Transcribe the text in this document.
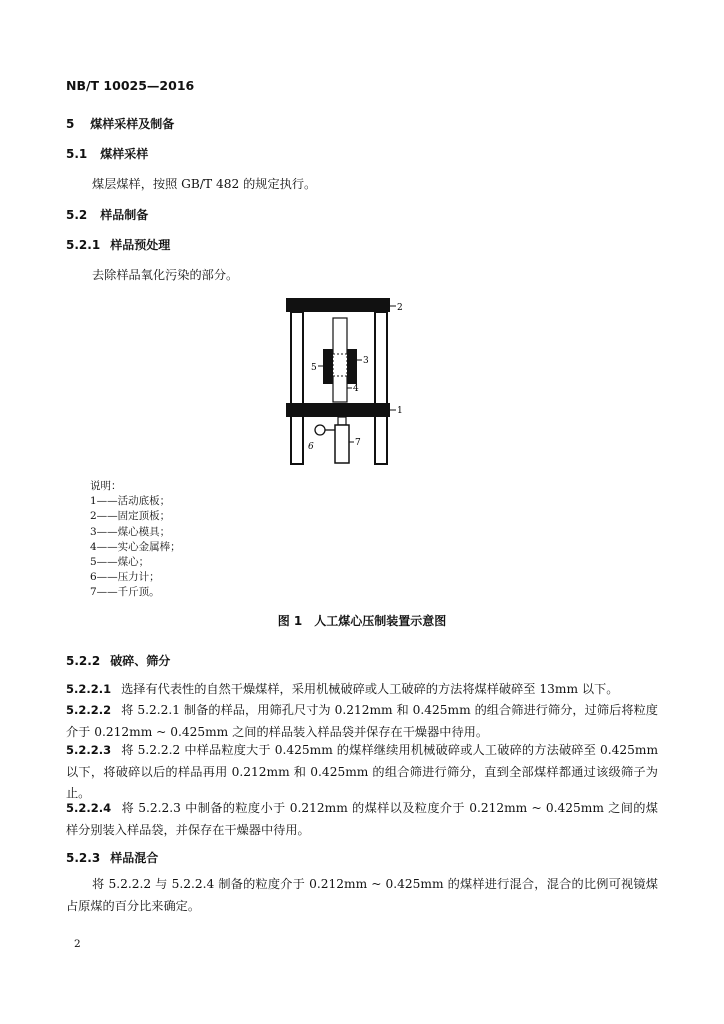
NB/T 10025—2016
5 煤样采样及制备
5.1 煤样采样
煤层煤样，按照 GB/T 482 的规定执行。
5.2 样品制备
5.2.1 样品预处理
去除样品氧化污染的部分。
1
2
3
4
5
6	7
说明：
1——活动底板；
2——固定顶板；
3——煤心模具；
4——实心金属棒；
5——煤心；
6——压力计；
7——千斤顶。
图 1　人工煤心压制装置示意图
5.2.2 破碎、筛分
5.2.2.1 选择有代表性的自然干燥煤样，采用机械破碎或人工破碎的方法将煤样破碎至 13mm 以下。
5.2.2.2 将 5.2.2.1 制备的样品，用筛孔尺寸为 0.212mm 和 0.425mm 的组合筛进行筛分，过筛后将粒度介于 0.212mm ~ 0.425mm 之间的样品装入样品袋并保存在干燥器中待用。
5.2.2.3 将 5.2.2.2 中样品粒度大于 0.425mm 的煤样继续用机械破碎或人工破碎的方法破碎至 0.425mm 以下，将破碎以后的样品再用 0.212mm 和 0.425mm 的组合筛进行筛分，直到全部煤样都通过该级筛子为止。
5.2.2.4 将 5.2.2.3 中制备的粒度小于 0.212mm 的煤样以及粒度介于 0.212mm ~ 0.425mm 之间的煤样分别装入样品袋，并保存在干燥器中待用。
5.2.3 样品混合
将 5.2.2.2 与 5.2.2.4 制备的粒度介于 0.212mm ~ 0.425mm 的煤样进行混合，混合的比例可视镜煤占原煤的百分比来确定。
2
